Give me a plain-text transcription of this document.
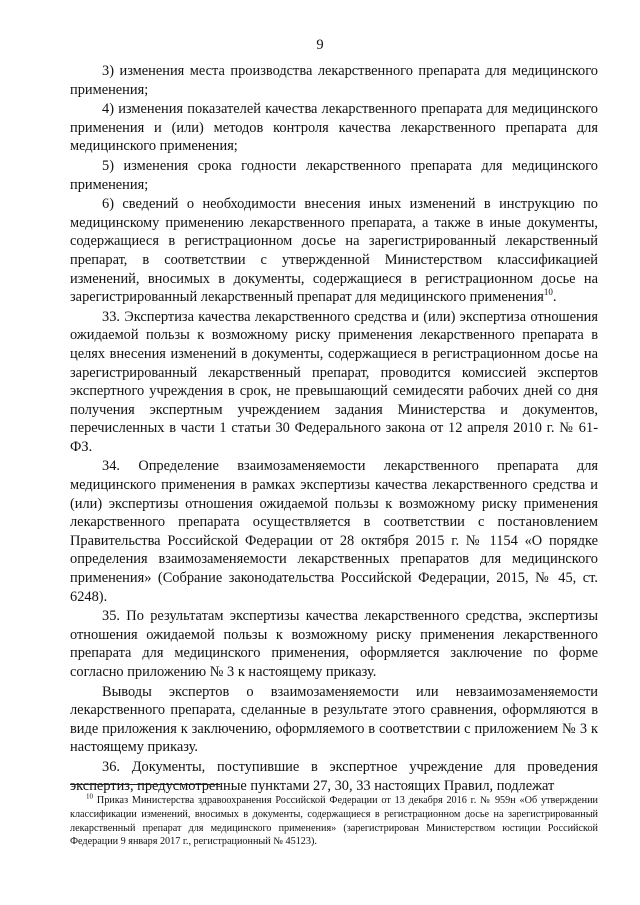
9

3) изменения места производства лекарственного препарата для медицинского применения;

4) изменения показателей качества лекарственного препарата для медицинского применения и (или) методов контроля качества лекарственного препарата для медицинского применения;

5) изменения срока годности лекарственного препарата для медицинского применения;

6) сведений о необходимости внесения иных изменений в инструкцию по медицинскому применению лекарственного препарата, а также в иные документы, содержащиеся в регистрационном досье на зарегистрированный лекарственный препарат, в соответствии с утвержденной Министерством классификацией изменений, вносимых в документы, содержащиеся в регистрационном досье на зарегистрированный лекарственный препарат для медицинского применения$^{10}$.

33. Экспертиза качества лекарственного средства и (или) экспертиза отношения ожидаемой пользы к возможному риску применения лекарственного препарата в целях внесения изменений в документы, содержащиеся в регистрационном досье на зарегистрированный лекарственный препарат, проводится комиссией экспертов экспертного учреждения в срок, не превышающий семидесяти рабочих дней со дня получения экспертным учреждением задания Министерства и документов, перечисленных в части 1 статьи 30 Федерального закона от 12 апреля 2010 г. № 61-ФЗ.

34. Определение взаимозаменяемости лекарственного препарата для медицинского применения в рамках экспертизы качества лекарственного средства и (или) экспертизы отношения ожидаемой пользы к возможному риску применения лекарственного препарата осуществляется в соответствии с постановлением Правительства Российской Федерации от 28 октября 2015 г. № 1154 «О порядке определения взаимозаменяемости лекарственных препаратов для медицинского применения» (Собрание законодательства Российской Федерации, 2015, № 45, ст. 6248).

35. По результатам экспертизы качества лекарственного средства, экспертизы отношения ожидаемой пользы к возможному риску применения лекарственного препарата для медицинского применения, оформляется заключение по форме согласно приложению № 3 к настоящему приказу.

Выводы экспертов о взаимозаменяемости или невзаимозаменяемости лекарственного препарата, сделанные в результате этого сравнения, оформляются в виде приложения к заключению, оформляемого в соответствии с приложением № 3 к настоящему приказу.

36. Документы, поступившие в экспертное учреждение для проведения экспертиз, предусмотренные пунктами 27, 30, 33 настоящих Правил, подлежат

$^{10}$ Приказ Министерства здравоохранения Российской Федерации от 13 декабря 2016 г. № 959н «Об утверждении классификации изменений, вносимых в документы, содержащиеся в регистрационном досье на зарегистрированный лекарственный препарат для медицинского применения» (зарегистрирован Министерством юстиции Российской Федерации 9 января 2017 г., регистрационный № 45123).
